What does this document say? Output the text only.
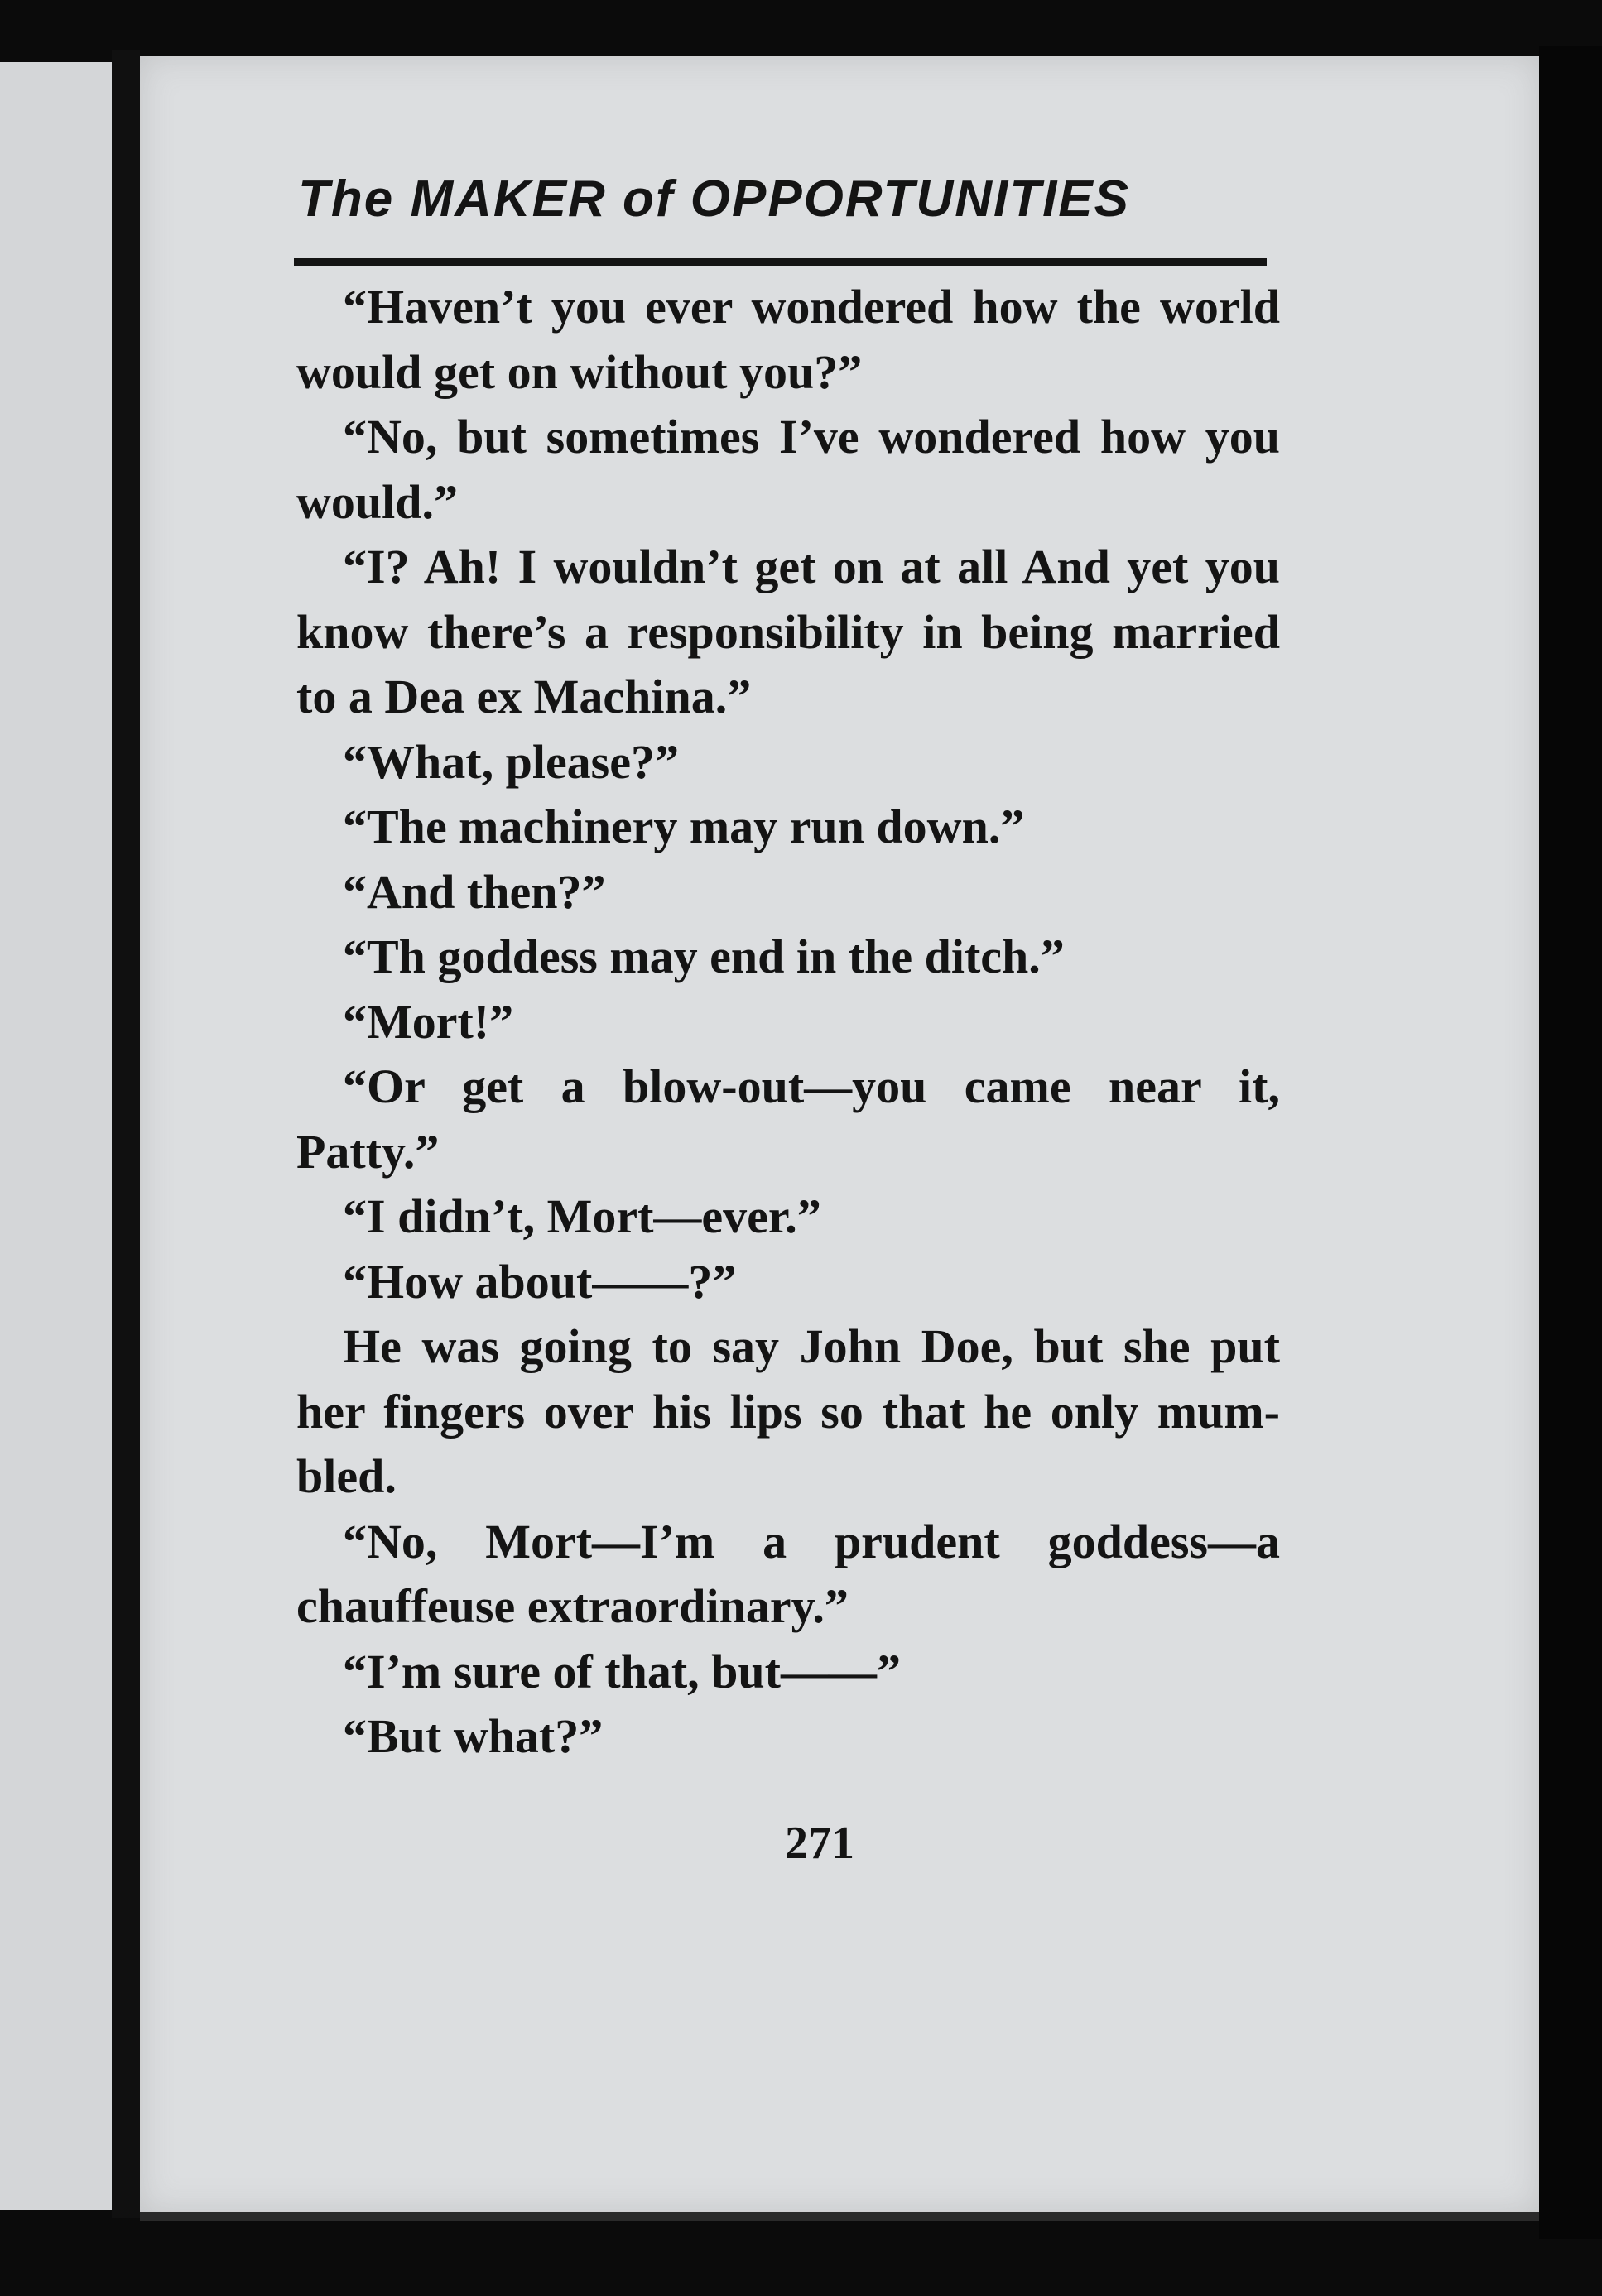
The MAKER of OPPORTUNITIES

“Haven’t you ever wondered how the world would get on without you?”

“No, but sometimes I’ve wondered how you would.”

“I? Ah! I wouldn’t get on at all And yet you know there’s a responsibility in being married to a Dea ex Machina.”

“What, please?”

“The machinery may run down.”

“And then?”

“Th goddess may end in the ditch.”

“Mort!”

“Or get a blow-out—you came near it, Patty.”

“I didn’t, Mort—ever.”

“How about——?”

He was going to say John Doe, but she put her fingers over his lips so that he only mumbled.

“No, Mort—I’m a prudent goddess—a chauffeuse extraordinary.”

“I’m sure of that, but——”

“But what?”

271
